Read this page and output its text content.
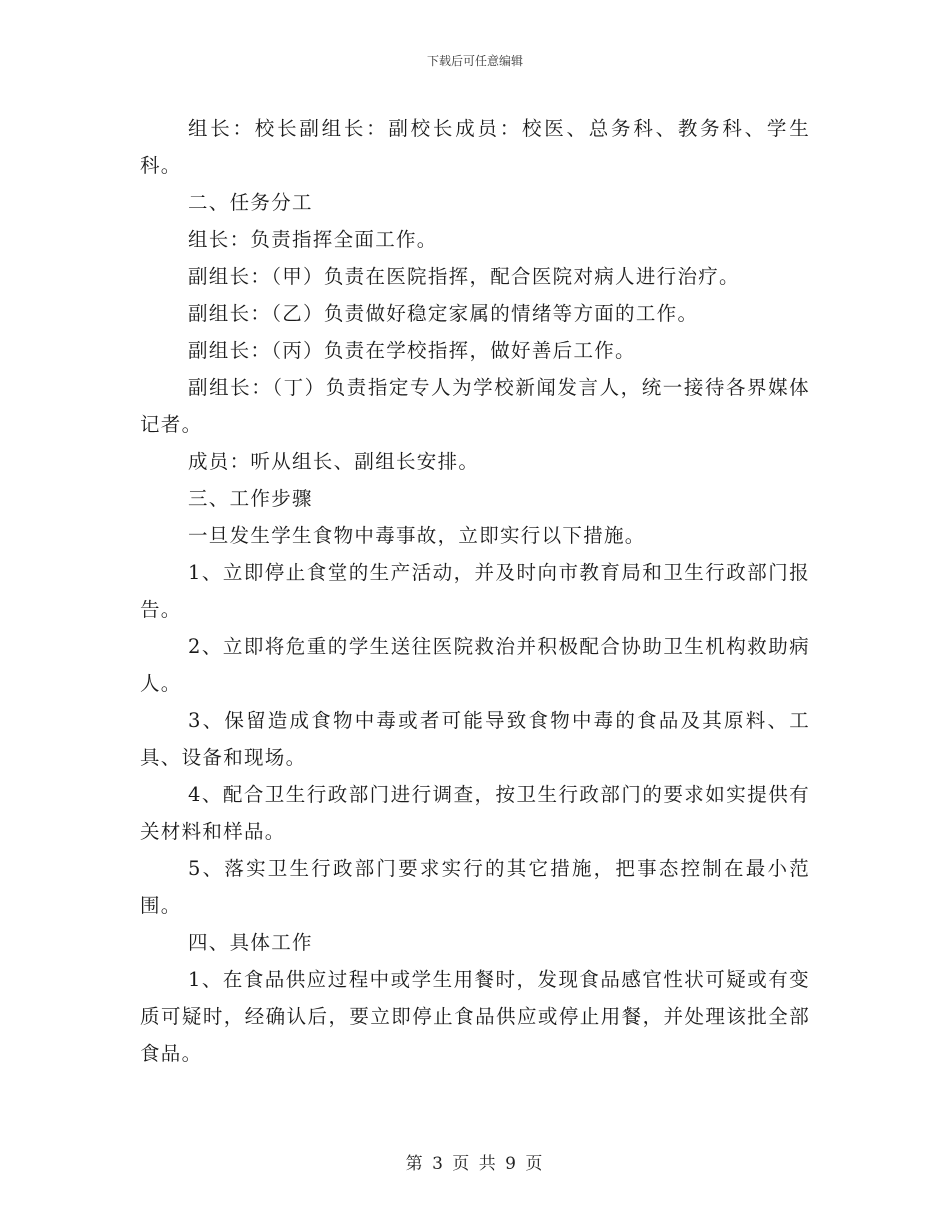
下载后可任意编辑

组长：校长副组长：副校长成员：校医、总务科、教务科、学生科。

二、任务分工

组长：负责指挥全面工作。

副组长：（甲）负责在医院指挥，配合医院对病人进行治疗。

副组长：（乙）负责做好稳定家属的情绪等方面的工作。

副组长：（丙）负责在学校指挥，做好善后工作。

副组长：（丁）负责指定专人为学校新闻发言人，统一接待各界媒体记者。

成员：听从组长、副组长安排。

三、工作步骤

一旦发生学生食物中毒事故，立即实行以下措施。

1、立即停止食堂的生产活动，并及时向市教育局和卫生行政部门报告。

2、立即将危重的学生送往医院救治并积极配合协助卫生机构救助病人。

3、保留造成食物中毒或者可能导致食物中毒的食品及其原料、工具、设备和现场。

4、配合卫生行政部门进行调查，按卫生行政部门的要求如实提供有关材料和样品。

5、落实卫生行政部门要求实行的其它措施，把事态控制在最小范围。

四、具体工作

1、在食品供应过程中或学生用餐时，发现食品感官性状可疑或有变质可疑时，经确认后，要立即停止食品供应或停止用餐，并处理该批全部食品。

第 3 页 共 9 页
